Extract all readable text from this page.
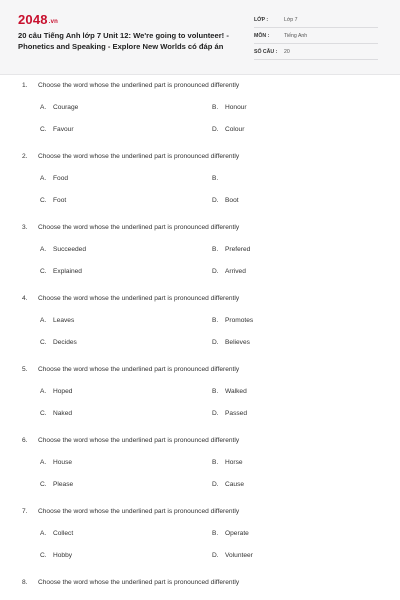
2048.vn
20 câu Tiếng Anh lớp 7 Unit 12: We're going to volunteer! - Phonetics and Speaking - Explore New Worlds có đáp án
LỚP :	Lớp 7
MÔN :	Tiếng Anh
SỐ CÂU : 20
1. Choose the word whose the underlined part is pronounced differently
A. Courage	B. Honour
C. Favour	D. Colour
2. Choose the word whose the underlined part is pronounced differently
A. Food	B.
C. Foot	D. Boot
3. Choose the word whose the underlined part is pronounced differently
A. Succeeded	B. Prefered
C. Explained	D. Arrived
4. Choose the word whose the underlined part is pronounced differently
A. Leaves	B. Promotes
C. Decides	D. Believes
5. Choose the word whose the underlined part is pronounced differently
A. Hoped	B. Walked
C. Naked	D. Passed
6. Choose the word whose the underlined part is pronounced differently
A. House	B. Horse
C. Please	D. Cause
7. Choose the word whose the underlined part is pronounced differently
A. Collect	B. Operate
C. Hobby	D. Volunteer
8. Choose the word whose the underlined part is pronounced differently
